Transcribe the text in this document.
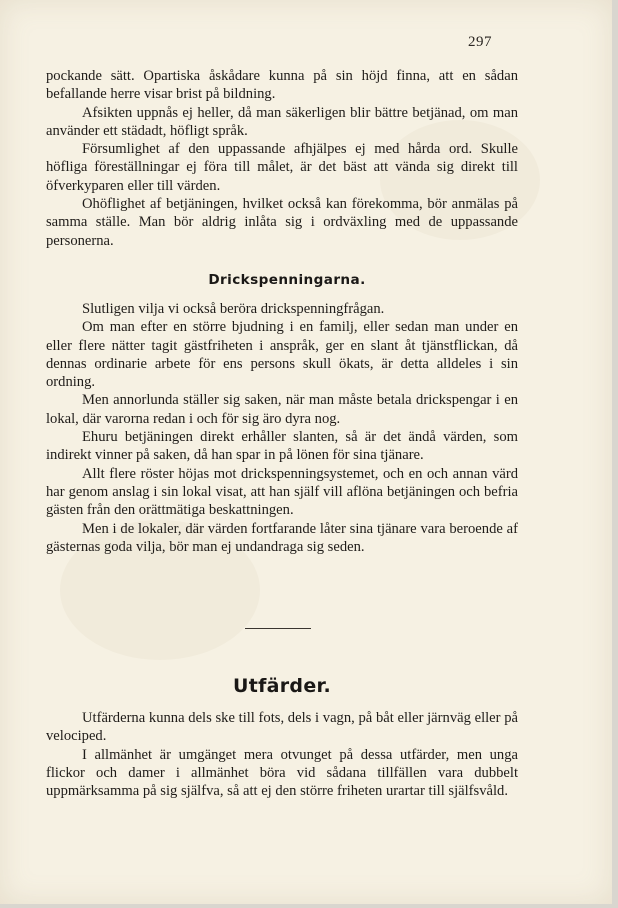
297

pockande sätt. Opartiska åskådare kunna på sin höjd finna, att en sådan befallande herre visar brist på bildning.

Afsikten uppnås ej heller, då man säkerligen blir bättre betjänad, om man använder ett städadt, höfligt språk.

Försumlighet af den uppassande afhjälpes ej med hårda ord. Skulle höfliga föreställningar ej föra till målet, är det bäst att vända sig direkt till öfverkyparen eller till värden.

Ohöflighet af betjäningen, hvilket också kan förekomma, bör anmälas på samma ställe. Man bör aldrig inlåta sig i ordväxling med de uppassande personerna.

Drickspenningarna.

Slutligen vilja vi också beröra drickspenningfrågan.

Om man efter en större bjudning i en familj, eller sedan man under en eller flere nätter tagit gästfriheten i anspråk, ger en slant åt tjänstflickan, då dennas ordinarie arbete för ens persons skull ökats, är detta alldeles i sin ordning.

Men annorlunda ställer sig saken, när man måste betala drickspengar i en lokal, där varorna redan i och för sig äro dyra nog.

Ehuru betjäningen direkt erhåller slanten, så är det ändå värden, som indirekt vinner på saken, då han spar in på lönen för sina tjänare.

Allt flere röster höjas mot drickspenningsystemet, och en och annan värd har genom anslag i sin lokal visat, att han själf vill aflöna betjäningen och befria gästen från den orättmätiga beskattningen.

Men i de lokaler, där värden fortfarande låter sina tjänare vara beroende af gästernas goda vilja, bör man ej undandraga sig seden.

Utfärder.

Utfärderna kunna dels ske till fots, dels i vagn, på båt eller järnväg eller på velociped.

I allmänhet är umgänget mera otvunget på dessa utfärder, men unga flickor och damer i allmänhet böra vid sådana tillfällen vara dubbelt uppmärksamma på sig själfva, så att ej den större friheten urartar till själfsvåld.
